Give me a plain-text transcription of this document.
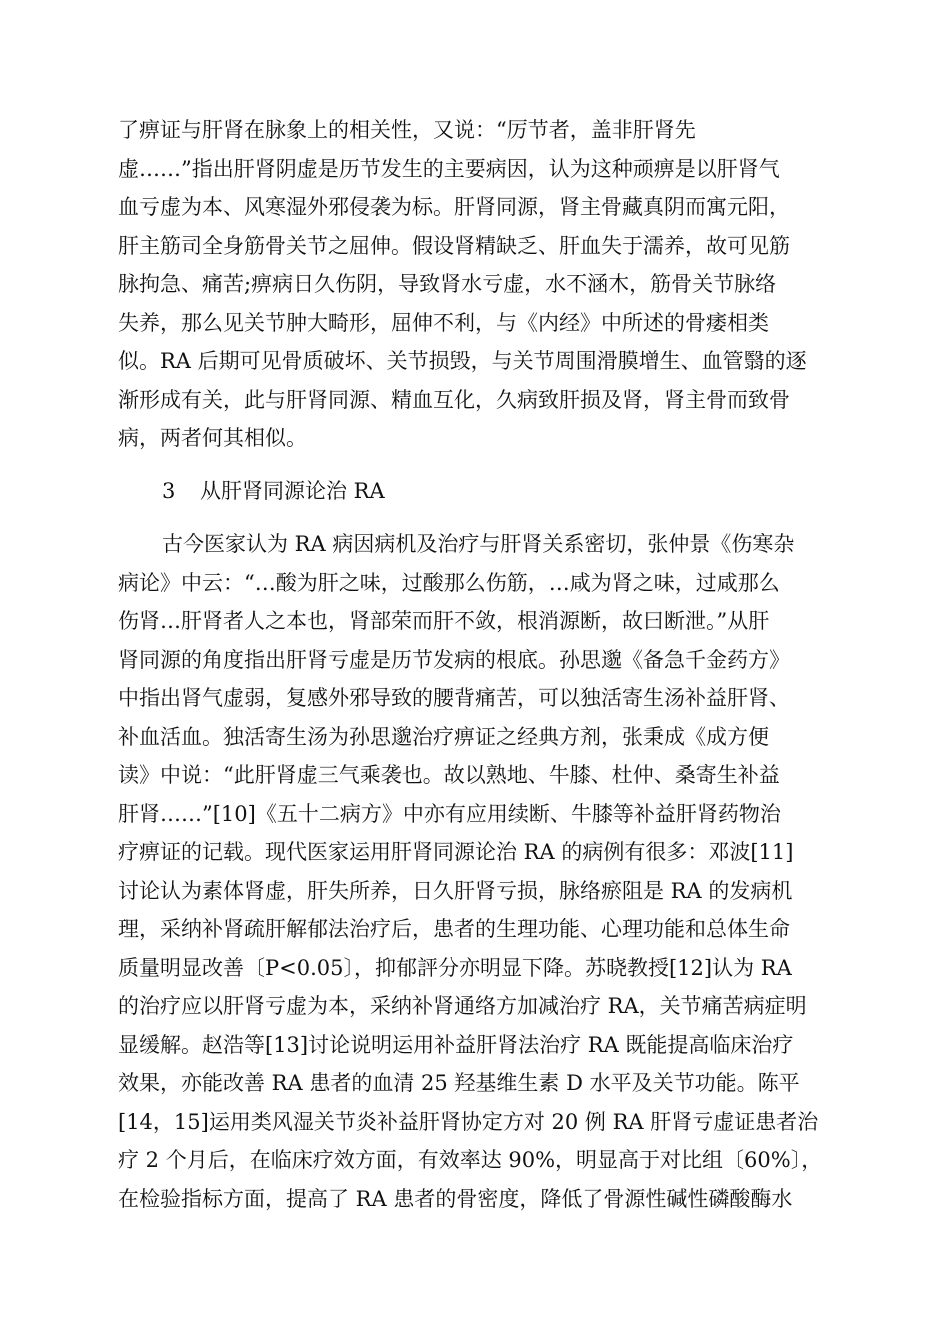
了痹证与肝肾在脉象上的相关性，又说：“厉节者，盖非肝肾先
虚……”指出肝肾阴虚是历节发生的主要病因，认为这种顽痹是以肝肾气
血亏虚为本、风寒湿外邪侵袭为标。肝肾同源，肾主骨藏真阴而寓元阳，
肝主筋司全身筋骨关节之屈伸。假设肾精缺乏、肝血失于濡养，故可见筋
脉拘急、痛苦;痹病日久伤阴，导致肾水亏虚，水不涵木，筋骨关节脉络
失养，那么见关节肿大畸形，屈伸不利，与《内经》中所述的骨痿相类
似。RA 后期可见骨质破坏、关节损毁，与关节周围滑膜增生、血管翳的逐
渐形成有关，此与肝肾同源、精血互化，久病致肝损及肾，肾主骨而致骨
病，两者何其相似。
3 从肝肾同源论治 RA
古今医家认为 RA 病因病机及治疗与肝肾关系密切，张仲景《伤寒杂
病论》中云：“…酸为肝之味，过酸那么伤筋，…咸为肾之味，过咸那么
伤肾…肝肾者人之本也，肾部荣而肝不敛，根消源断，故曰断泄。”从肝
肾同源的角度指出肝肾亏虚是历节发病的根底。孙思邈《备急千金药方》
中指出肾气虚弱，复感外邪导致的腰背痛苦，可以独活寄生汤补益肝肾、
补血活血。独活寄生汤为孙思邈治疗痹证之经典方剂，张秉成《成方便
读》中说：“此肝肾虚三气乘袭也。故以熟地、牛膝、杜仲、桑寄生补益
肝肾……”[10]《五十二病方》中亦有应用续断、牛膝等补益肝肾药物治
疗痹证的记载。现代医家运用肝肾同源论治 RA 的病例有很多：邓波[11]
讨论认为素体肾虚，肝失所养，日久肝肾亏损，脉络瘀阻是 RA 的发病机
理，采纳补肾疏肝解郁法治疗后，患者的生理功能、心理功能和总体生命
质量明显改善〔P<0.05〕，抑郁評分亦明显下降。苏晓教授[12]认为 RA
的治疗应以肝肾亏虚为本，采纳补肾通络方加减治疗 RA，关节痛苦病症明
显缓解。赵浩等[13]讨论说明运用补益肝肾法治疗 RA 既能提高临床治疗
效果，亦能改善 RA 患者的血清 25 羟基维生素 D 水平及关节功能。陈平
[14，15]运用类风湿关节炎补益肝肾协定方对 20 例 RA 肝肾亏虚证患者治
疗 2 个月后，在临床疗效方面，有效率达 90%，明显高于对比组〔60%〕，
在检验指标方面，提高了 RA 患者的骨密度，降低了骨源性碱性磷酸酶水
